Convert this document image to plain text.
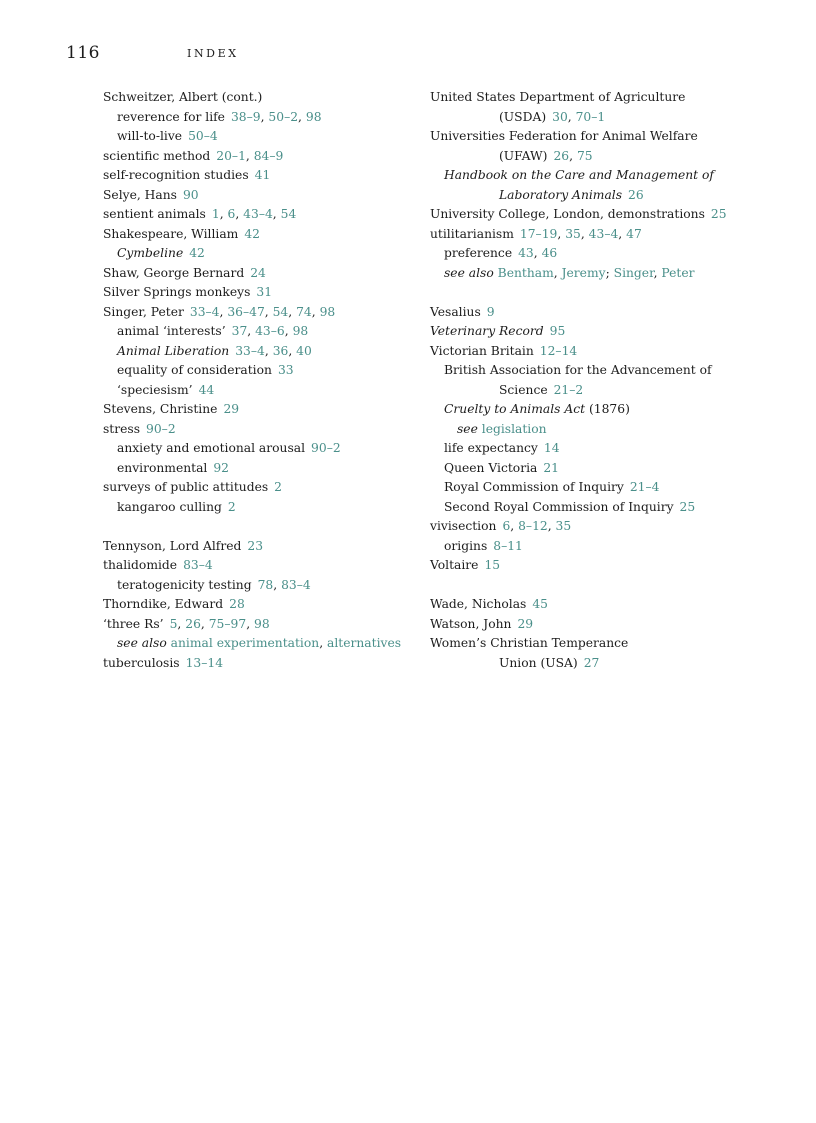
116	INDEX
Schweitzer, Albert (cont.)
reverence for life 38–9, 50–2, 98
will-to-live 50–4
scientific method 20–1, 84–9
self-recognition studies 41
Selye, Hans 90
sentient animals 1, 6, 43–4, 54
Shakespeare, William 42
Cymbeline 42
Shaw, George Bernard 24
Silver Springs monkeys 31
Singer, Peter 33–4, 36–47, 54, 74, 98
animal ‘interests’ 37, 43–6, 98
Animal Liberation 33–4, 36, 40
equality of consideration 33
‘speciesism’ 44
Stevens, Christine 29
stress 90–2
anxiety and emotional arousal 90–2
environmental 92
surveys of public attitudes 2
kangaroo culling 2
Tennyson, Lord Alfred 23
thalidomide 83–4
teratogenicity testing 78, 83–4
Thorndike, Edward 28
‘three Rs’ 5, 26, 75–97, 98
see also animal experimentation, alternatives
tuberculosis 13–14
United States Department of Agriculture
(USDA) 30, 70–1
Universities Federation for Animal Welfare
(UFAW) 26, 75
Handbook on the Care and Management of
Laboratory Animals 26
University College, London, demonstrations 25
utilitarianism 17–19, 35, 43–4, 47
preference 43, 46
see also Bentham, Jeremy; Singer, Peter
Vesalius 9
Veterinary Record 95
Victorian Britain 12–14
British Association for the Advancement of
Science 21–2
Cruelty to Animals Act (1876)
see legislation
life expectancy 14
Queen Victoria 21
Royal Commission of Inquiry 21–4
Second Royal Commission of Inquiry 25
vivisection 6, 8–12, 35
origins 8–11
Voltaire 15
Wade, Nicholas 45
Watson, John 29
Women’s Christian Temperance
Union (USA) 27
